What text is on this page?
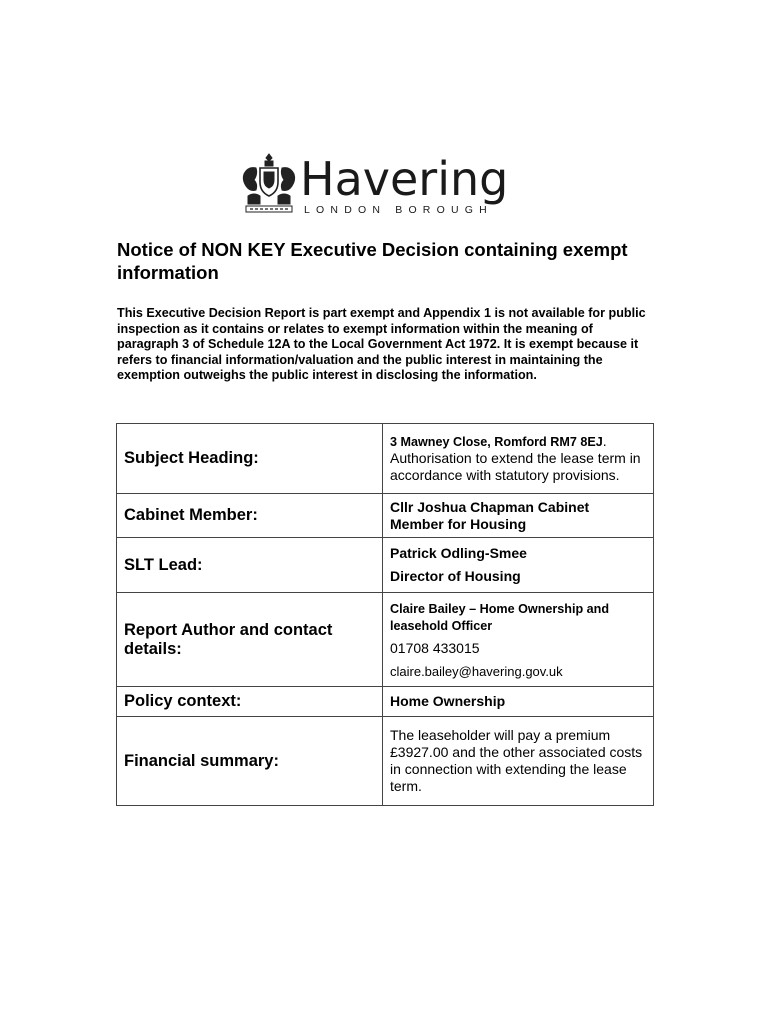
Havering
LONDON BOROUGH
Notice of NON KEY Executive Decision containing exempt information

This Executive Decision Report is part exempt and Appendix 1 is not available for public inspection as it contains or relates to exempt information within the meaning of paragraph 3 of Schedule 12A to the Local Government Act 1972. It is exempt because it refers to financial information/valuation and the public interest in maintaining the exemption outweighs the public interest in disclosing the information.

Subject Heading:	3 Mawney Close, Romford RM7 8EJ.
Authorisation to extend the lease term in accordance with statutory provisions.
Cabinet Member:	Cllr Joshua Chapman Cabinet Member for Housing
SLT Lead:	Patrick Odling-Smee
Director of Housing
Report Author and contact details:	Claire Bailey – Home Ownership and leasehold Officer
01708 433015
claire.bailey@havering.gov.uk
Policy context:	Home Ownership
Financial summary:	The leaseholder will pay a premium £3927.00 and the other associated costs in connection with extending the lease term.
